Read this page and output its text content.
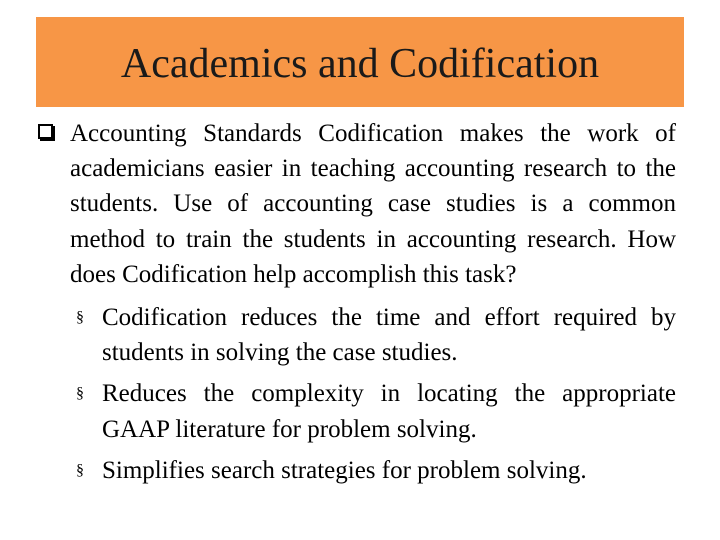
Academics and Codification
Accounting Standards Codification makes the work of academicians easier in teaching accounting research to the students. Use of accounting case studies is a common method to train the students in accounting research. How does Codification help accomplish this task?
§ Codification reduces the time and effort required by students in solving the case studies.
§ Reduces the complexity in locating the appropriate GAAP literature for problem solving.
§ Simplifies search strategies for problem solving.
